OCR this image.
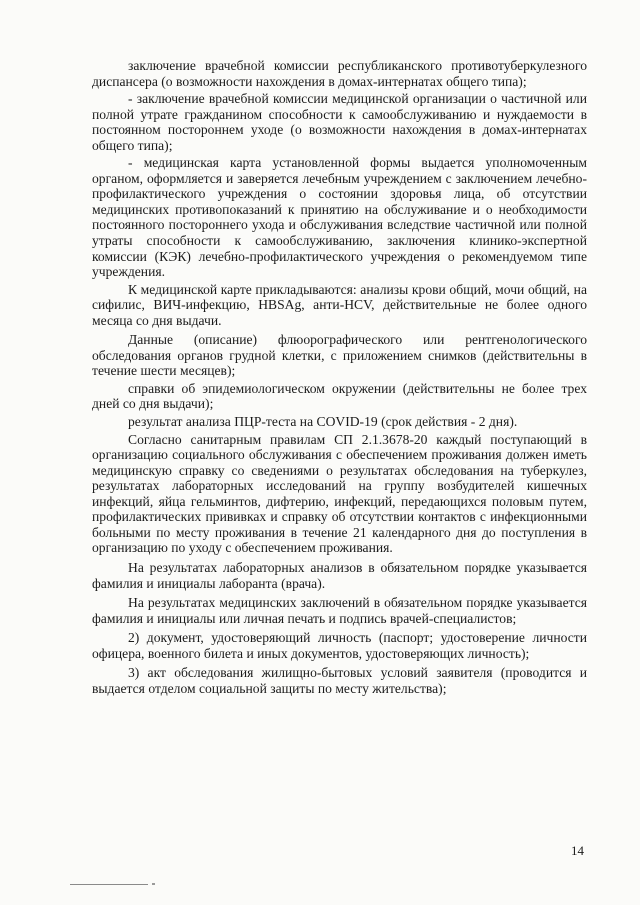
заключение врачебной комиссии республиканского противотуберкулезного диспансера (о возможности нахождения в домах-интернатах общего типа);

- заключение врачебной комиссии медицинской организации о частичной или полной утрате гражданином способности к самообслуживанию и нуждаемости в постоянном постороннем уходе (о возможности нахождения в домах-интернатах общего типа);

- медицинская карта установленной формы выдается уполномоченным органом, оформляется и заверяется лечебным учреждением с заключением лечебно-профилактического учреждения о состоянии здоровья лица, об отсутствии медицинских противопоказаний к принятию на обслуживание и о необходимости постоянного постороннего ухода и обслуживания вследствие частичной или полной утраты способности к самообслуживанию, заключения клинико-экспертной комиссии (КЭК) лечебно-профилактического учреждения о рекомендуемом типе учреждения.

К медицинской карте прикладываются: анализы крови общий, мочи общий, на сифилис, ВИЧ-инфекцию, HBSAg, анти-HCV, действительные не более одного месяца со дня выдачи.

Данные (описание) флюорографического или рентгенологического обследования органов грудной клетки, с приложением снимков (действительны в течение шести месяцев);

справки об эпидемиологическом окружении (действительны не более трех дней со дня выдачи);

результат анализа ПЦР-теста на COVID-19 (срок действия - 2 дня).

Согласно санитарным правилам СП 2.1.3678-20 каждый поступающий в организацию социального обслуживания с обеспечением проживания должен иметь медицинскую справку со сведениями о результатах обследования на туберкулез, результатах лабораторных исследований на группу возбудителей кишечных инфекций, яйца гельминтов, дифтерию, инфекций, передающихся половым путем, профилактических прививках и справку об отсутствии контактов с инфекционными больными по месту проживания в течение 21 календарного дня до поступления в организацию по уходу с обеспечением проживания.

На результатах лабораторных анализов в обязательном порядке указывается фамилия и инициалы лаборанта (врача).

На результатах медицинских заключений в обязательном порядке указывается фамилия и инициалы или личная печать и подпись врачей-специалистов;

2) документ, удостоверяющий личность (паспорт; удостоверение личности офицера, военного билета и иных документов, удостоверяющих личность);

3) акт обследования жилищно-бытовых условий заявителя (проводится и выдается отделом социальной защиты по месту жительства);

14
